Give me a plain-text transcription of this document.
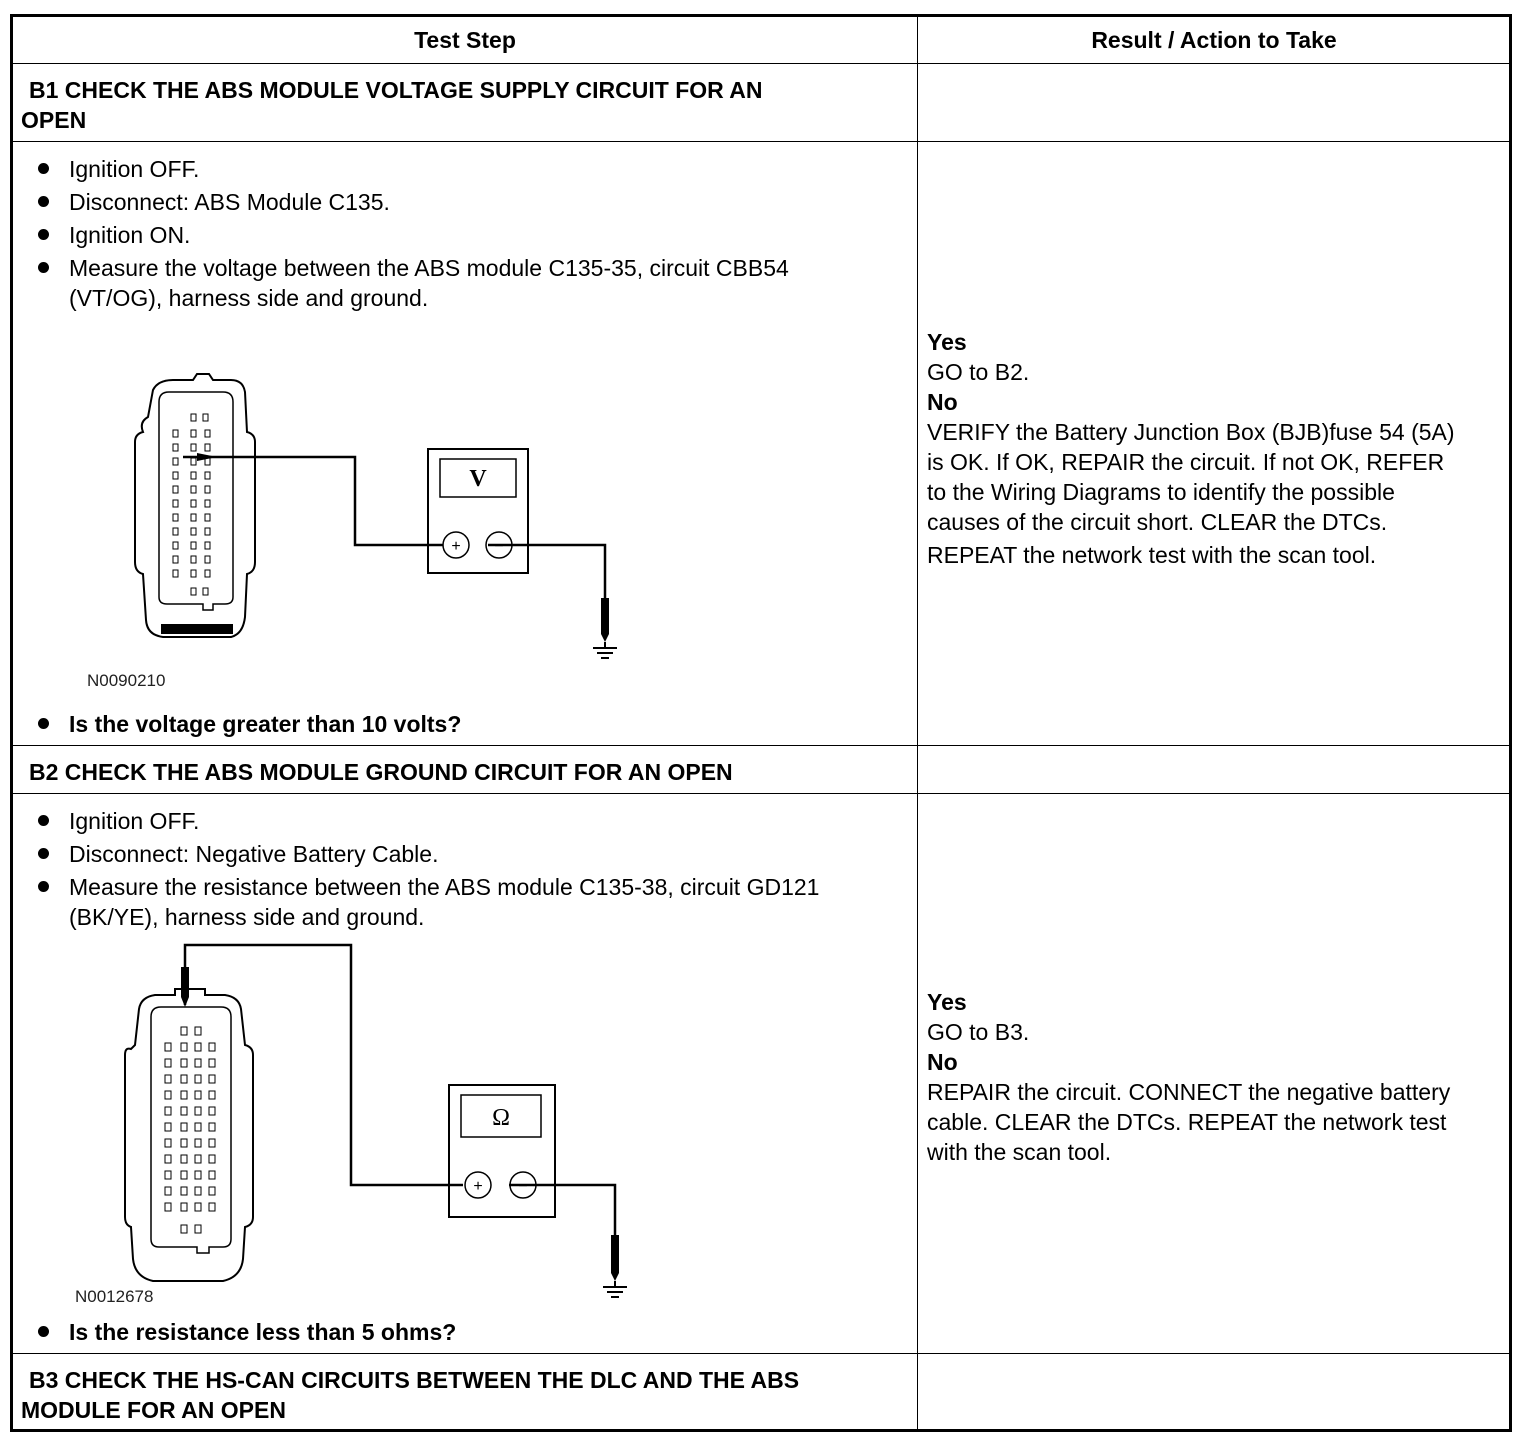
Test Step	Result / Action to Take
B1 CHECK THE ABS MODULE VOLTAGE SUPPLY CIRCUIT FOR AN
OPEN
Ignition OFF.
Disconnect: ABS Module C135.
Ignition ON.
Measure the voltage between the ABS module C135-35, circuit CBB54
(VT/OG), harness side and ground.
V
+ −
N0090210
Is the voltage greater than 10 volts?
Yes
GO to B2.
No
VERIFY the Battery Junction Box (BJB)fuse 54 (5A)
is OK. If OK, REPAIR the circuit. If not OK, REFER
to the Wiring Diagrams to identify the possible
causes of the circuit short. CLEAR the DTCs.
REPEAT the network test with the scan tool.
B2 CHECK THE ABS MODULE GROUND CIRCUIT FOR AN OPEN
Ignition OFF.
Disconnect: Negative Battery Cable.
Measure the resistance between the ABS module C135-38, circuit GD121
(BK/YE), harness side and ground.
Ω
+ −
N0012678
Is the resistance less than 5 ohms?
Yes
GO to B3.
No
REPAIR the circuit. CONNECT the negative battery
cable. CLEAR the DTCs. REPEAT the network test
with the scan tool.
B3 CHECK THE HS-CAN CIRCUITS BETWEEN THE DLC AND THE ABS
MODULE FOR AN OPEN
